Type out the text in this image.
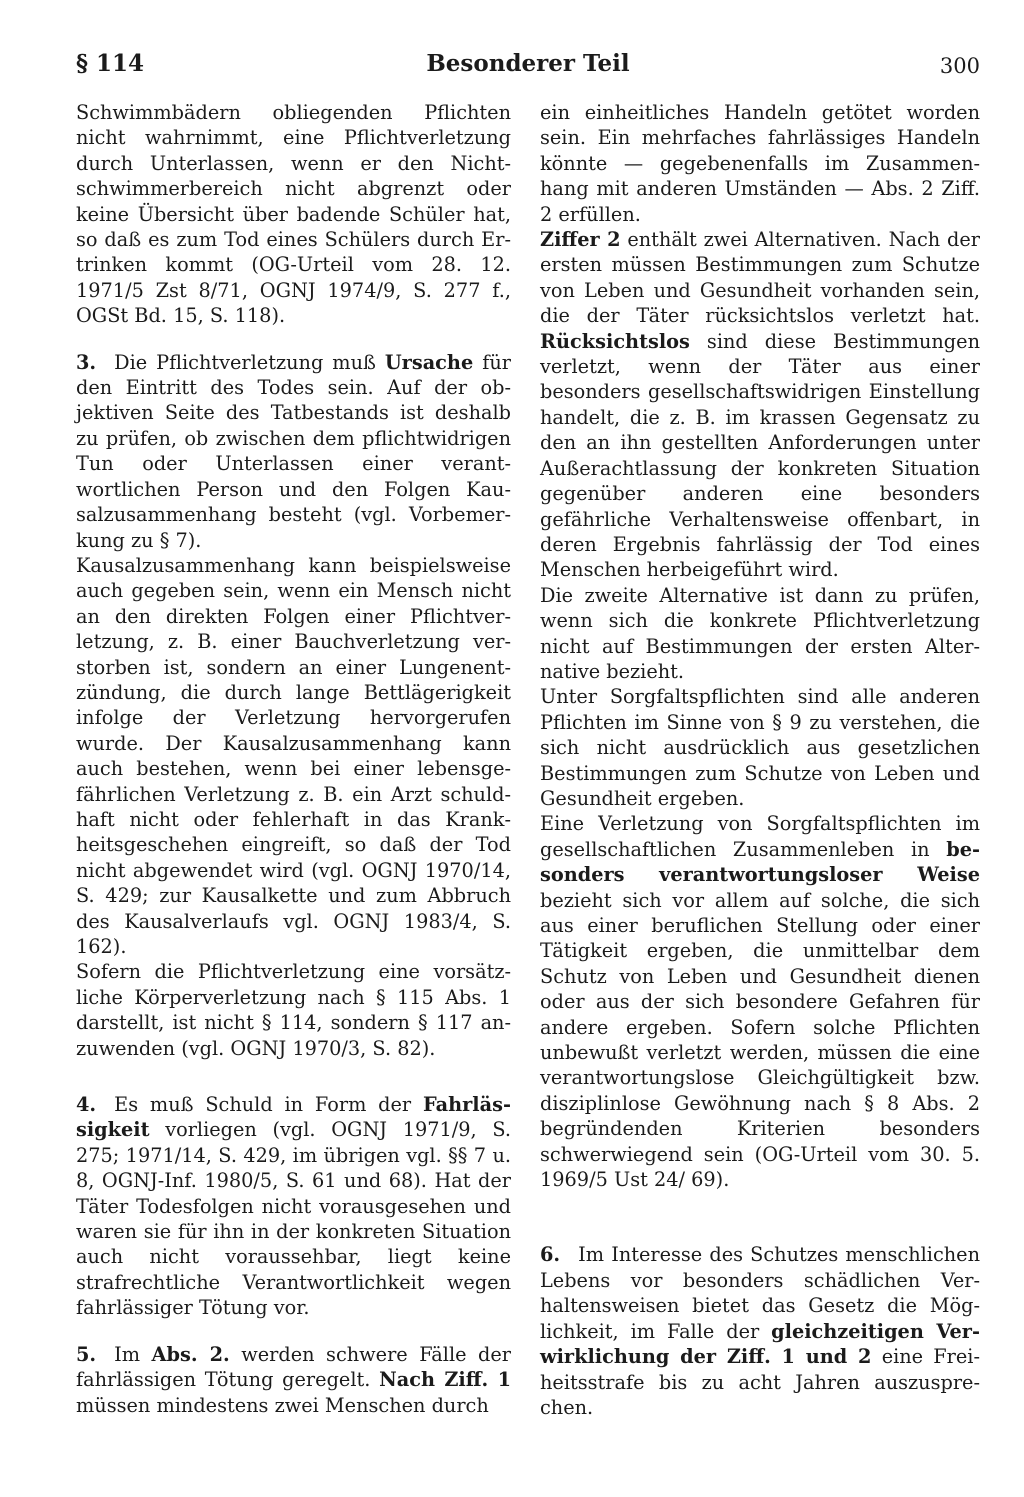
§ 114	Besonderer Teil	300

Schwimmbädern obliegenden Pflichten nicht wahrnimmt, eine Pflichtverletzung durch Unterlassen, wenn er den Nichtschwimmerbereich nicht abgrenzt oder keine Übersicht über badende Schüler hat, so daß es zum Tod eines Schülers durch Ertrinken kommt (OG-Urteil vom 28. 12. 1971/5 Zst 8/71, OGNJ 1974/9, S. 277 f., OGSt Bd. 15, S. 118).

3. Die Pflichtverletzung muß Ursache für den Eintritt des Todes sein. Auf der objektiven Seite des Tatbestands ist deshalb zu prüfen, ob zwischen dem pflichtwidrigen Tun oder Unterlassen einer verantwortlichen Person und den Folgen Kausalzusammenhang besteht (vgl. Vorbemerkung zu § 7).

Kausalzusammenhang kann beispielsweise auch gegeben sein, wenn ein Mensch nicht an den direkten Folgen einer Pflichtverletzung, z. B. einer Bauchverletzung verstorben ist, sondern an einer Lungenentzündung, die durch lange Bettlägerigkeit infolge der Verletzung hervorgerufen wurde. Der Kausalzusammenhang kann auch bestehen, wenn bei einer lebensgefährlichen Verletzung z. B. ein Arzt schuldhaft nicht oder fehlerhaft in das Krankheitsgeschehen eingreift, so daß der Tod nicht abgewendet wird (vgl. OGNJ 1970/14, S. 429; zur Kausalkette und zum Abbruch des Kausalverlaufs vgl. OGNJ 1983/4, S. 162).

Sofern die Pflichtverletzung eine vorsätzliche Körperverletzung nach § 115 Abs. 1 darstellt, ist nicht § 114, sondern § 117 anzuwenden (vgl. OGNJ 1970/3, S. 82).

4. Es muß Schuld in Form der Fahrlässigkeit vorliegen (vgl. OGNJ 1971/9, S. 275; 1971/14, S. 429, im übrigen vgl. §§ 7 u. 8, OGNJ-Inf. 1980/5, S. 61 und 68). Hat der Täter Todesfolgen nicht vorausgesehen und waren sie für ihn in der konkreten Situation auch nicht voraussehbar, liegt keine strafrechtliche Verantwortlichkeit wegen fahrlässiger Tötung vor.

5. Im Abs. 2. werden schwere Fälle der fahrlässigen Tötung geregelt. Nach Ziff. 1 müssen mindestens zwei Menschen durch

ein einheitliches Handeln getötet worden sein. Ein mehrfaches fahrlässiges Handeln könnte — gegebenenfalls im Zusammenhang mit anderen Umständen — Abs. 2 Ziff. 2 erfüllen.

Ziffer 2 enthält zwei Alternativen. Nach der ersten müssen Bestimmungen zum Schutze von Leben und Gesundheit vorhanden sein, die der Täter rücksichtslos verletzt hat. Rücksichtslos sind diese Bestimmungen verletzt, wenn der Täter aus einer besonders gesellschaftswidrigen Einstellung handelt, die z. B. im krassen Gegensatz zu den an ihn gestellten Anforderungen unter Außerachtlassung der konkreten Situation gegenüber anderen eine besonders gefährliche Verhaltensweise offenbart, in deren Ergebnis fahrlässig der Tod eines Menschen herbeigeführt wird.

Die zweite Alternative ist dann zu prüfen, wenn sich die konkrete Pflichtverletzung nicht auf Bestimmungen der ersten Alternative bezieht.

Unter Sorgfaltspflichten sind alle anderen Pflichten im Sinne von § 9 zu verstehen, die sich nicht ausdrücklich aus gesetzlichen Bestimmungen zum Schutze von Leben und Gesundheit ergeben.

Eine Verletzung von Sorgfaltspflichten im gesellschaftlichen Zusammenleben in besonders verantwortungsloser Weise bezieht sich vor allem auf solche, die sich aus einer beruflichen Stellung oder einer Tätigkeit ergeben, die unmittelbar dem Schutz von Leben und Gesundheit dienen oder aus der sich besondere Gefahren für andere ergeben. Sofern solche Pflichten unbewußt verletzt werden, müssen die eine verantwortungslose Gleichgültigkeit bzw. disziplinlose Gewöhnung nach § 8 Abs. 2 begründenden Kriterien besonders schwerwiegend sein (OG-Urteil vom 30. 5. 1969/5 Ust 24/ 69).

6. Im Interesse des Schutzes menschlichen Lebens vor besonders schädlichen Verhaltensweisen bietet das Gesetz die Möglichkeit, im Falle der gleichzeitigen Verwirklichung der Ziff. 1 und 2 eine Freiheitsstrafe bis zu acht Jahren auszusprechen.
